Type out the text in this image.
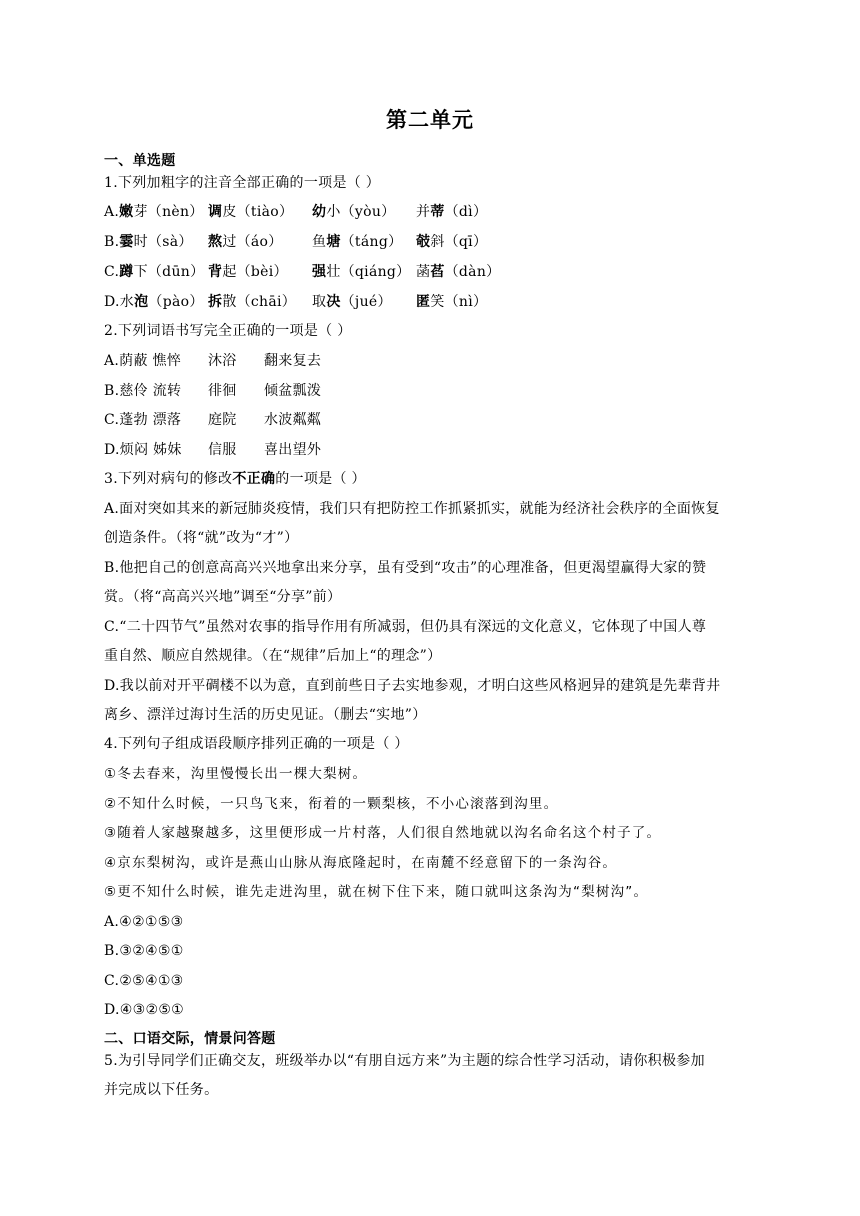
第二单元
一、单选题
1.下列加粗字的注音全部正确的一项是（ ）
A.嫩芽（nèn） 调皮（tiào） 幼小（yòu） 并蒂（dì）
B.霎时（sà） 熬过（áo） 鱼塘（táng） 攲斜（qī）
C.蹲下（dūn） 背起（bèi） 强壮（qiáng） 菡萏（dàn）
D.水泡（pào） 拆散（chāi） 取决（jué） 匿笑（nì）
2.下列词语书写完全正确的一项是（ ）
A.荫蔽 憔悴 沐浴 翻来复去
B.慈伶 流转 徘徊 倾盆瓢泼
C.蓬勃 漂落 庭院 水波粼粼
D.烦闷 姊妹 信服 喜出望外
3.下列对病句的修改不正确的一项是（ ）
A.面对突如其来的新冠肺炎疫情，我们只有把防控工作抓紧抓实，就能为经济社会秩序的全面恢复
创造条件。（将“就”改为“才”）
B.他把自己的创意高高兴兴地拿出来分享，虽有受到“攻击”的心理准备，但更渴望赢得大家的赞
赏。（将“高高兴兴地”调至“分享”前）
C.“二十四节气”虽然对农事的指导作用有所减弱，但仍具有深远的文化意义，它体现了中国人尊
重自然、顺应自然规律。（在“规律”后加上“的理念”）
D.我以前对开平碉楼不以为意，直到前些日子去实地参观，才明白这些风格迥异的建筑是先辈背井
离乡、漂洋过海讨生活的历史见证。（删去“实地”）
4.下列句子组成语段顺序排列正确的一项是（ ）
①冬去春来，沟里慢慢长出一棵大梨树。
②不知什么时候，一只鸟飞来，衔着的一颗梨核，不小心滚落到沟里。
③随着人家越聚越多，这里便形成一片村落，人们很自然地就以沟名命名这个村子了。
④京东梨树沟，或许是燕山山脉从海底隆起时，在南麓不经意留下的一条沟谷。
⑤更不知什么时候，谁先走进沟里，就在树下住下来，随口就叫这条沟为“梨树沟”。
A.④②①⑤③
B.③②④⑤①
C.②⑤④①③
D.④③②⑤①
二、口语交际，情景问答题
5.为引导同学们正确交友，班级举办以“有朋自远方来”为主题的综合性学习活动，请你积极参加
并完成以下任务。
